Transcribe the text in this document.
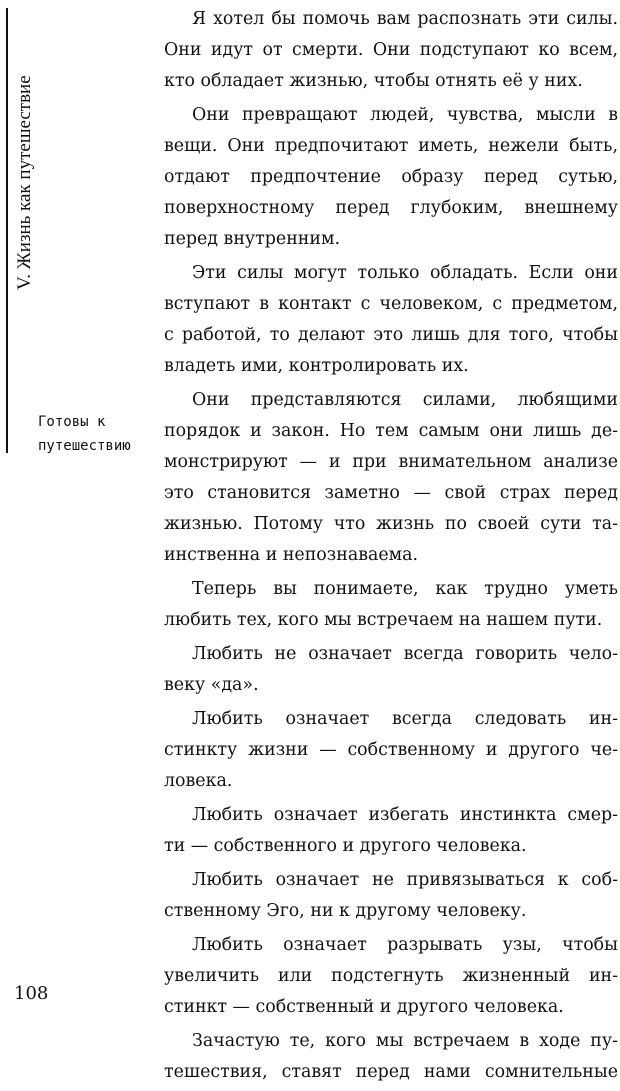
V. Жизнь как путешествие
Готовы к
путешествию
Я хотел бы помочь вам распознать эти силы.
Они идут от смерти. Они подступают ко всем,
кто обладает жизнью, чтобы отнять её у них.
Они превращают людей, чувства, мысли в
вещи. Они предпочитают иметь, нежели быть,
отдают предпочтение образу перед сутью,
поверхностному перед глубоким, внешнему
перед внутренним.
Эти силы могут только обладать. Если они
вступают в контакт с человеком, с предметом,
с работой, то делают это лишь для того, чтобы
владеть ими, контролировать их.
Они представляются силами, любящими
порядок и закон. Но тем самым они лишь де-
монстрируют — и при внимательном анализе
это становится заметно — свой страх перед
жизнью. Потому что жизнь по своей сути та-
инственна и непознаваема.
Теперь вы понимаете, как трудно уметь
любить тех, кого мы встречаем на нашем пути.
Любить не означает всегда говорить чело-
веку «да».
Любить означает всегда следовать ин-
стинкту жизни — собственному и другого че-
ловека.
Любить означает избегать инстинкта смер-
ти — собственного и другого человека.
Любить означает не привязываться к соб-
ственному Эго, ни к другому человеку.
Любить означает разрывать узы, чтобы
увеличить или подстегнуть жизненный ин-
стинкт — собственный и другого человека.
Зачастую те, кого мы встречаем в ходе пу-
тешествия, ставят перед нами сомнительные
108
